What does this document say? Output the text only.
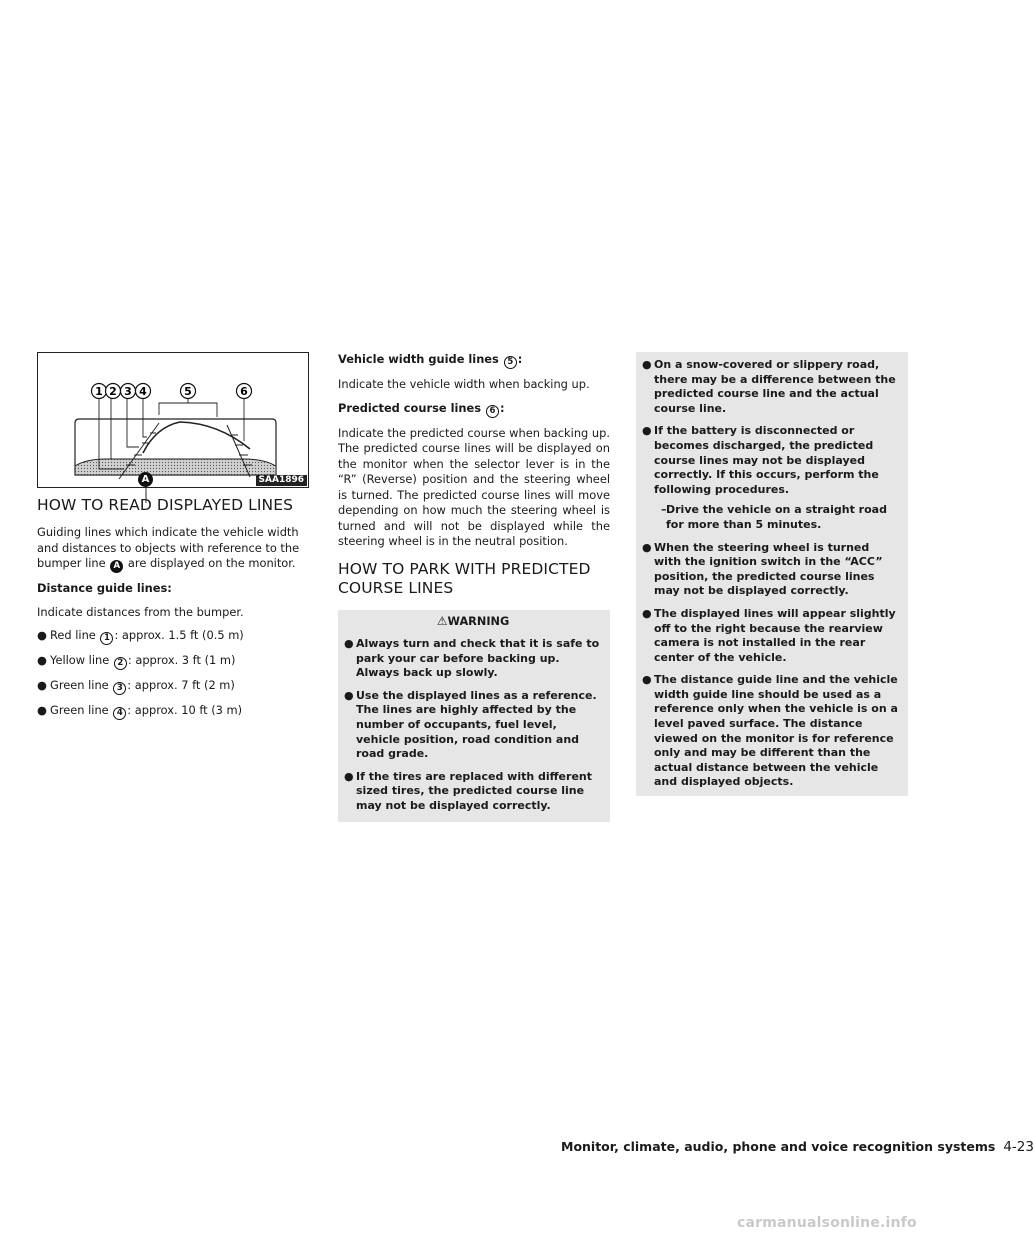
1 2 3 4	5	6
A	SAA1896
HOW TO READ DISPLAYED LINES

Guiding lines which indicate the vehicle width and distances to objects with reference to the bumper line A are displayed on the monitor.

Distance guide lines:

Indicate distances from the bumper.

● Red line 1 : approx. 1.5 ft (0.5 m)
● Yellow line 2 : approx. 3 ft (1 m)
● Green line 3 : approx. 7 ft (2 m)
● Green line 4 : approx. 10 ft (3 m)

Vehicle width guide lines 5 :

Indicate the vehicle width when backing up.

Predicted course lines 6 :

Indicate the predicted course when backing up. The predicted course lines will be displayed on the monitor when the selector lever is in the “R” (Reverse) position and the steering wheel is turned. The predicted course lines will move depending on how much the steering wheel is turned and will not be displayed while the steering wheel is in the neutral position.

HOW TO PARK WITH PREDICTED
COURSE LINES
⚠WARNING
● Always turn and check that it is safe to park your car before backing up. Always back up slowly.
● Use the displayed lines as a reference. The lines are highly affected by the number of occupants, fuel level, vehicle position, road condition and road grade.
● If the tires are replaced with different sized tires, the predicted course line may not be displayed correctly.
● On a snow-covered or slippery road, there may be a difference between the predicted course line and the actual course line.
● If the battery is disconnected or becomes discharged, the predicted course lines may not be displayed correctly. If this occurs, perform the following procedures.
– Drive the vehicle on a straight road for more than 5 minutes.
● When the steering wheel is turned with the ignition switch in the “ACC” position, the predicted course lines may not be displayed correctly.
● The displayed lines will appear slightly off to the right because the rearview camera is not installed in the rear center of the vehicle.
● The distance guide line and the vehicle width guide line should be used as a reference only when the vehicle is on a level paved surface. The distance viewed on the monitor is for reference only and may be different than the actual distance between the vehicle and displayed objects.
Monitor, climate, audio, phone and voice recognition systems 4-23
carmanualsonline.info
